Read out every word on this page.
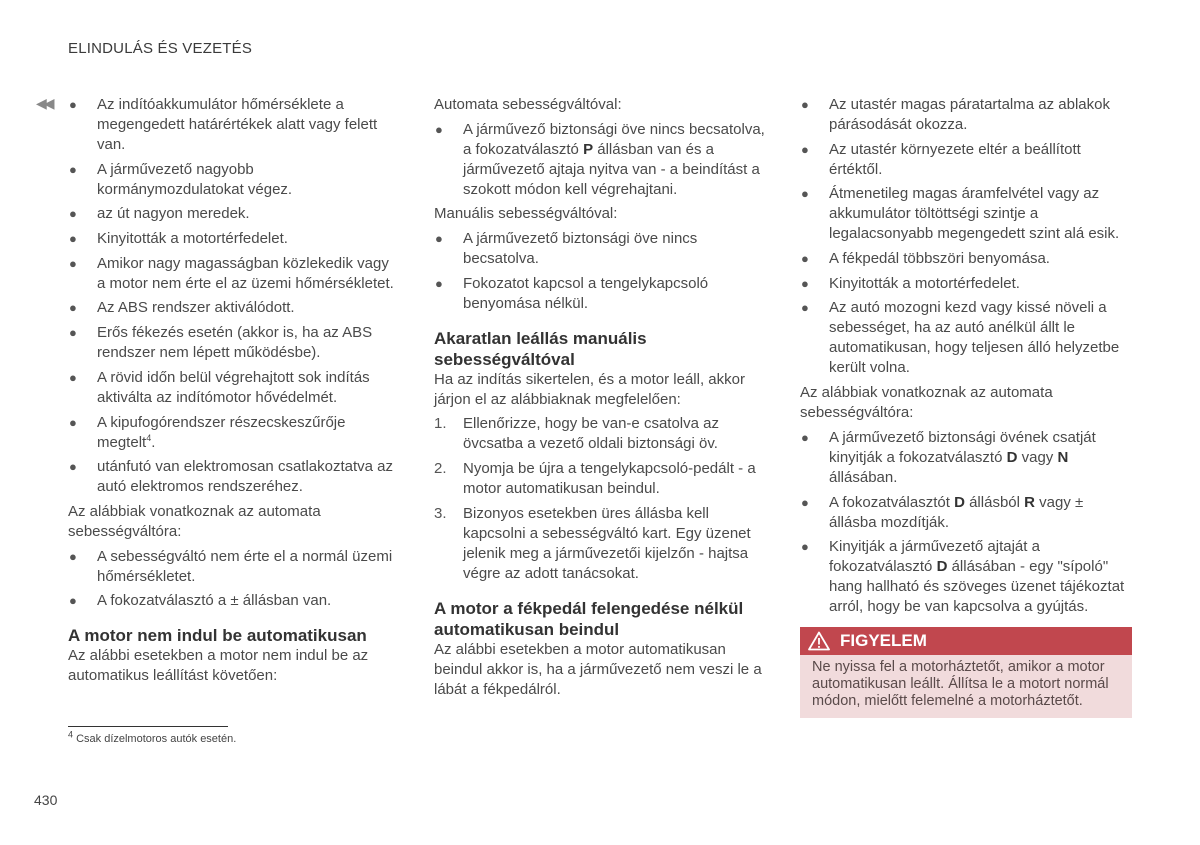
ELINDULÁS ÉS VEZETÉS
◀◀ ● Az indítóakkumulátor hőmérséklete a megengedett határértékek alatt vagy felett van.
● A járművezető nagyobb kormánymozdulatokat végez.
● az út nagyon meredek.
● Kinyitották a motortérfedelet.
● Amikor nagy magasságban közlekedik vagy a motor nem érte el az üzemi hőmérsékletet.
● Az ABS rendszer aktiválódott.
● Erős fékezés esetén (akkor is, ha az ABS rendszer nem lépett működésbe).
● A rövid időn belül végrehajtott sok indítás aktiválta az indítómotor hővédelmét.
● A kipufogórendszer részecskeszűrője megtelt$^4$.
● utánfutó van elektromosan csatlakoztatva az autó elektromos rendszeréhez.

Az alábbiak vonatkoznak az automata sebességváltóra:

● A sebességváltó nem érte el a normál üzemi hőmérsékletet.
● A fokozatválasztó a ± állásban van.
A motor nem indul be automatikusan

Az alábbi esetekben a motor nem indul be az automatikus leállítást követően:

Automata sebességváltóval:

● A járművező biztonsági öve nincs becsatolva, a fokozatválasztó P állásban van és a járművezető ajtaja nyitva van - a beindítást a szokott módon kell végrehajtani.

Manuális sebességváltóval:

● A járművezető biztonsági öve nincs becsatolva.
● Fokozatot kapcsol a tengelykapcsoló benyomása nélkül.
Akaratlan leállás manuális sebességváltóval

Ha az indítás sikertelen, és a motor leáll, akkor járjon el az alábbiaknak megfelelően:

1. Ellenőrizze, hogy be van-e csatolva az övcsatba a vezető oldali biztonsági öv.
2. Nyomja be újra a tengelykapcsoló-pedált - a motor automatikusan beindul.
3. Bizonyos esetekben üres állásba kell kapcsolni a sebességváltó kart. Egy üzenet jelenik meg a járművezetői kijelzőn - hajtsa végre az adott tanácsokat.
A motor a fékpedál felengedése nélkül automatikusan beindul

Az alábbi esetekben a motor automatikusan beindul akkor is, ha a járművezető nem veszi le a lábát a fékpedálról.

● Az utastér magas páratartalma az ablakok párásodását okozza.
● Az utastér környezete eltér a beállított értéktől.
● Átmenetileg magas áramfelvétel vagy az akkumulátor töltöttségi szintje a legalacsonyabb megengedett szint alá esik.
● A fékpedál többszöri benyomása.
● Kinyitották a motortérfedelet.
● Az autó mozogni kezd vagy kissé növeli a sebességet, ha az autó anélkül állt le automatikusan, hogy teljesen álló helyzetbe került volna.

Az alábbiak vonatkoznak az automata sebességváltóra:

● A járművezető biztonsági övének csatját kinyitják a fokozatválasztó D vagy N állásában.
● A fokozatválasztót D állásból R vagy ± állásba mozdítják.
● Kinyitják a járművezető ajtaját a fokozatválasztó D állásában - egy "sípoló" hang hallható és szöveges üzenet tájékoztat arról, hogy be van kapcsolva a gyújtás.
FIGYELEM
Ne nyissa fel a motorháztetőt, amikor a motor automatikusan leállt. Állítsa le a motort normál módon, mielőtt felemelné a motorháztetőt.
$^4$ Csak dízelmotoros autók esetén.
430
